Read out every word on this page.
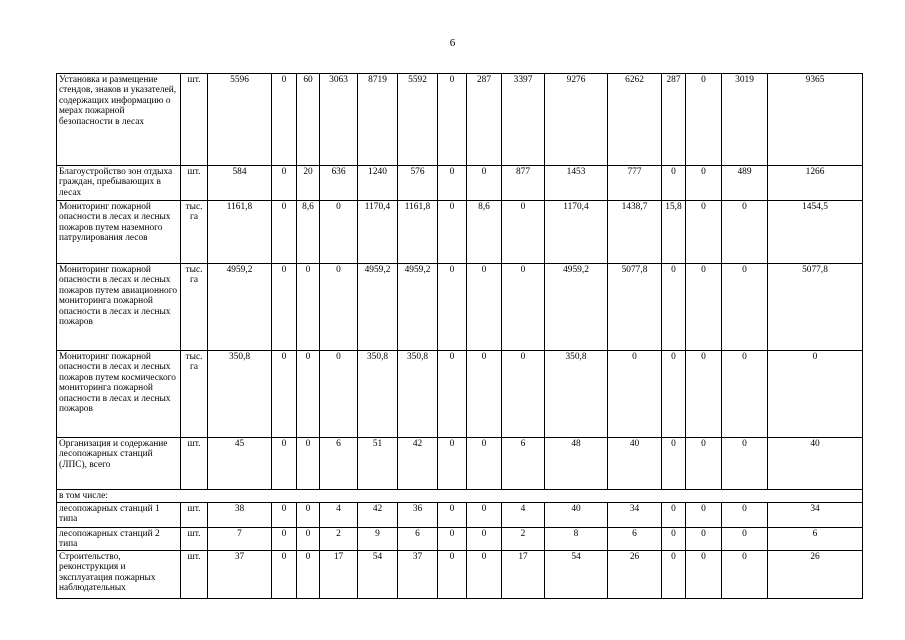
6
Установка и размещение стендов, знаков и указателей, содержащих информацию о мерах пожарной безопасности в лесах	шт.	5596	0	60	3063	8719	5592	0	287	3397	9276	6262	287	0	3019	9365
Благоустройство зон отдыха граждан, пребывающих в лесах	шт.	584	0	20	636	1240	576	0	0	877	1453	777	0	0	489	1266
Мониторинг пожарной опасности в лесах и лесных пожаров путем наземного патрулирования лесов	тыс. га	1161,8	0	8,6	0	1170,4	1161,8	0	8,6	0	1170,4	1438,7	15,8	0	0	1454,5
Мониторинг пожарной опасности в лесах и лесных пожаров путем авиационного мониторинга пожарной опасности в лесах и лесных пожаров	тыс. га	4959,2	0	0	0	4959,2	4959,2	0	0	0	4959,2	5077,8	0	0	0	5077,8
Мониторинг пожарной опасности в лесах и лесных пожаров путем космического мониторинга пожарной опасности в лесах и лесных пожаров	тыс. га	350,8	0	0	0	350,8	350,8	0	0	0	350,8	0	0	0	0	0
Организация и содержание лесопожарных станций (ЛПС), всего	шт.	45	0	0	6	51	42	0	0	6	48	40	0	0	0	40
в том числе:																
лесопожарных станций 1 типа	шт.	38	0	0	4	42	36	0	0	4	40	34	0	0	0	34
лесопожарных станций 2 типа	шт.	7	0	0	2	9	6	0	0	2	8	6	0	0	0	6
Строительство, реконструкция и эксплуатация пожарных наблюдательных	шт.	37	0	0	17	54	37	0	0	17	54	26	0	0	0	26
